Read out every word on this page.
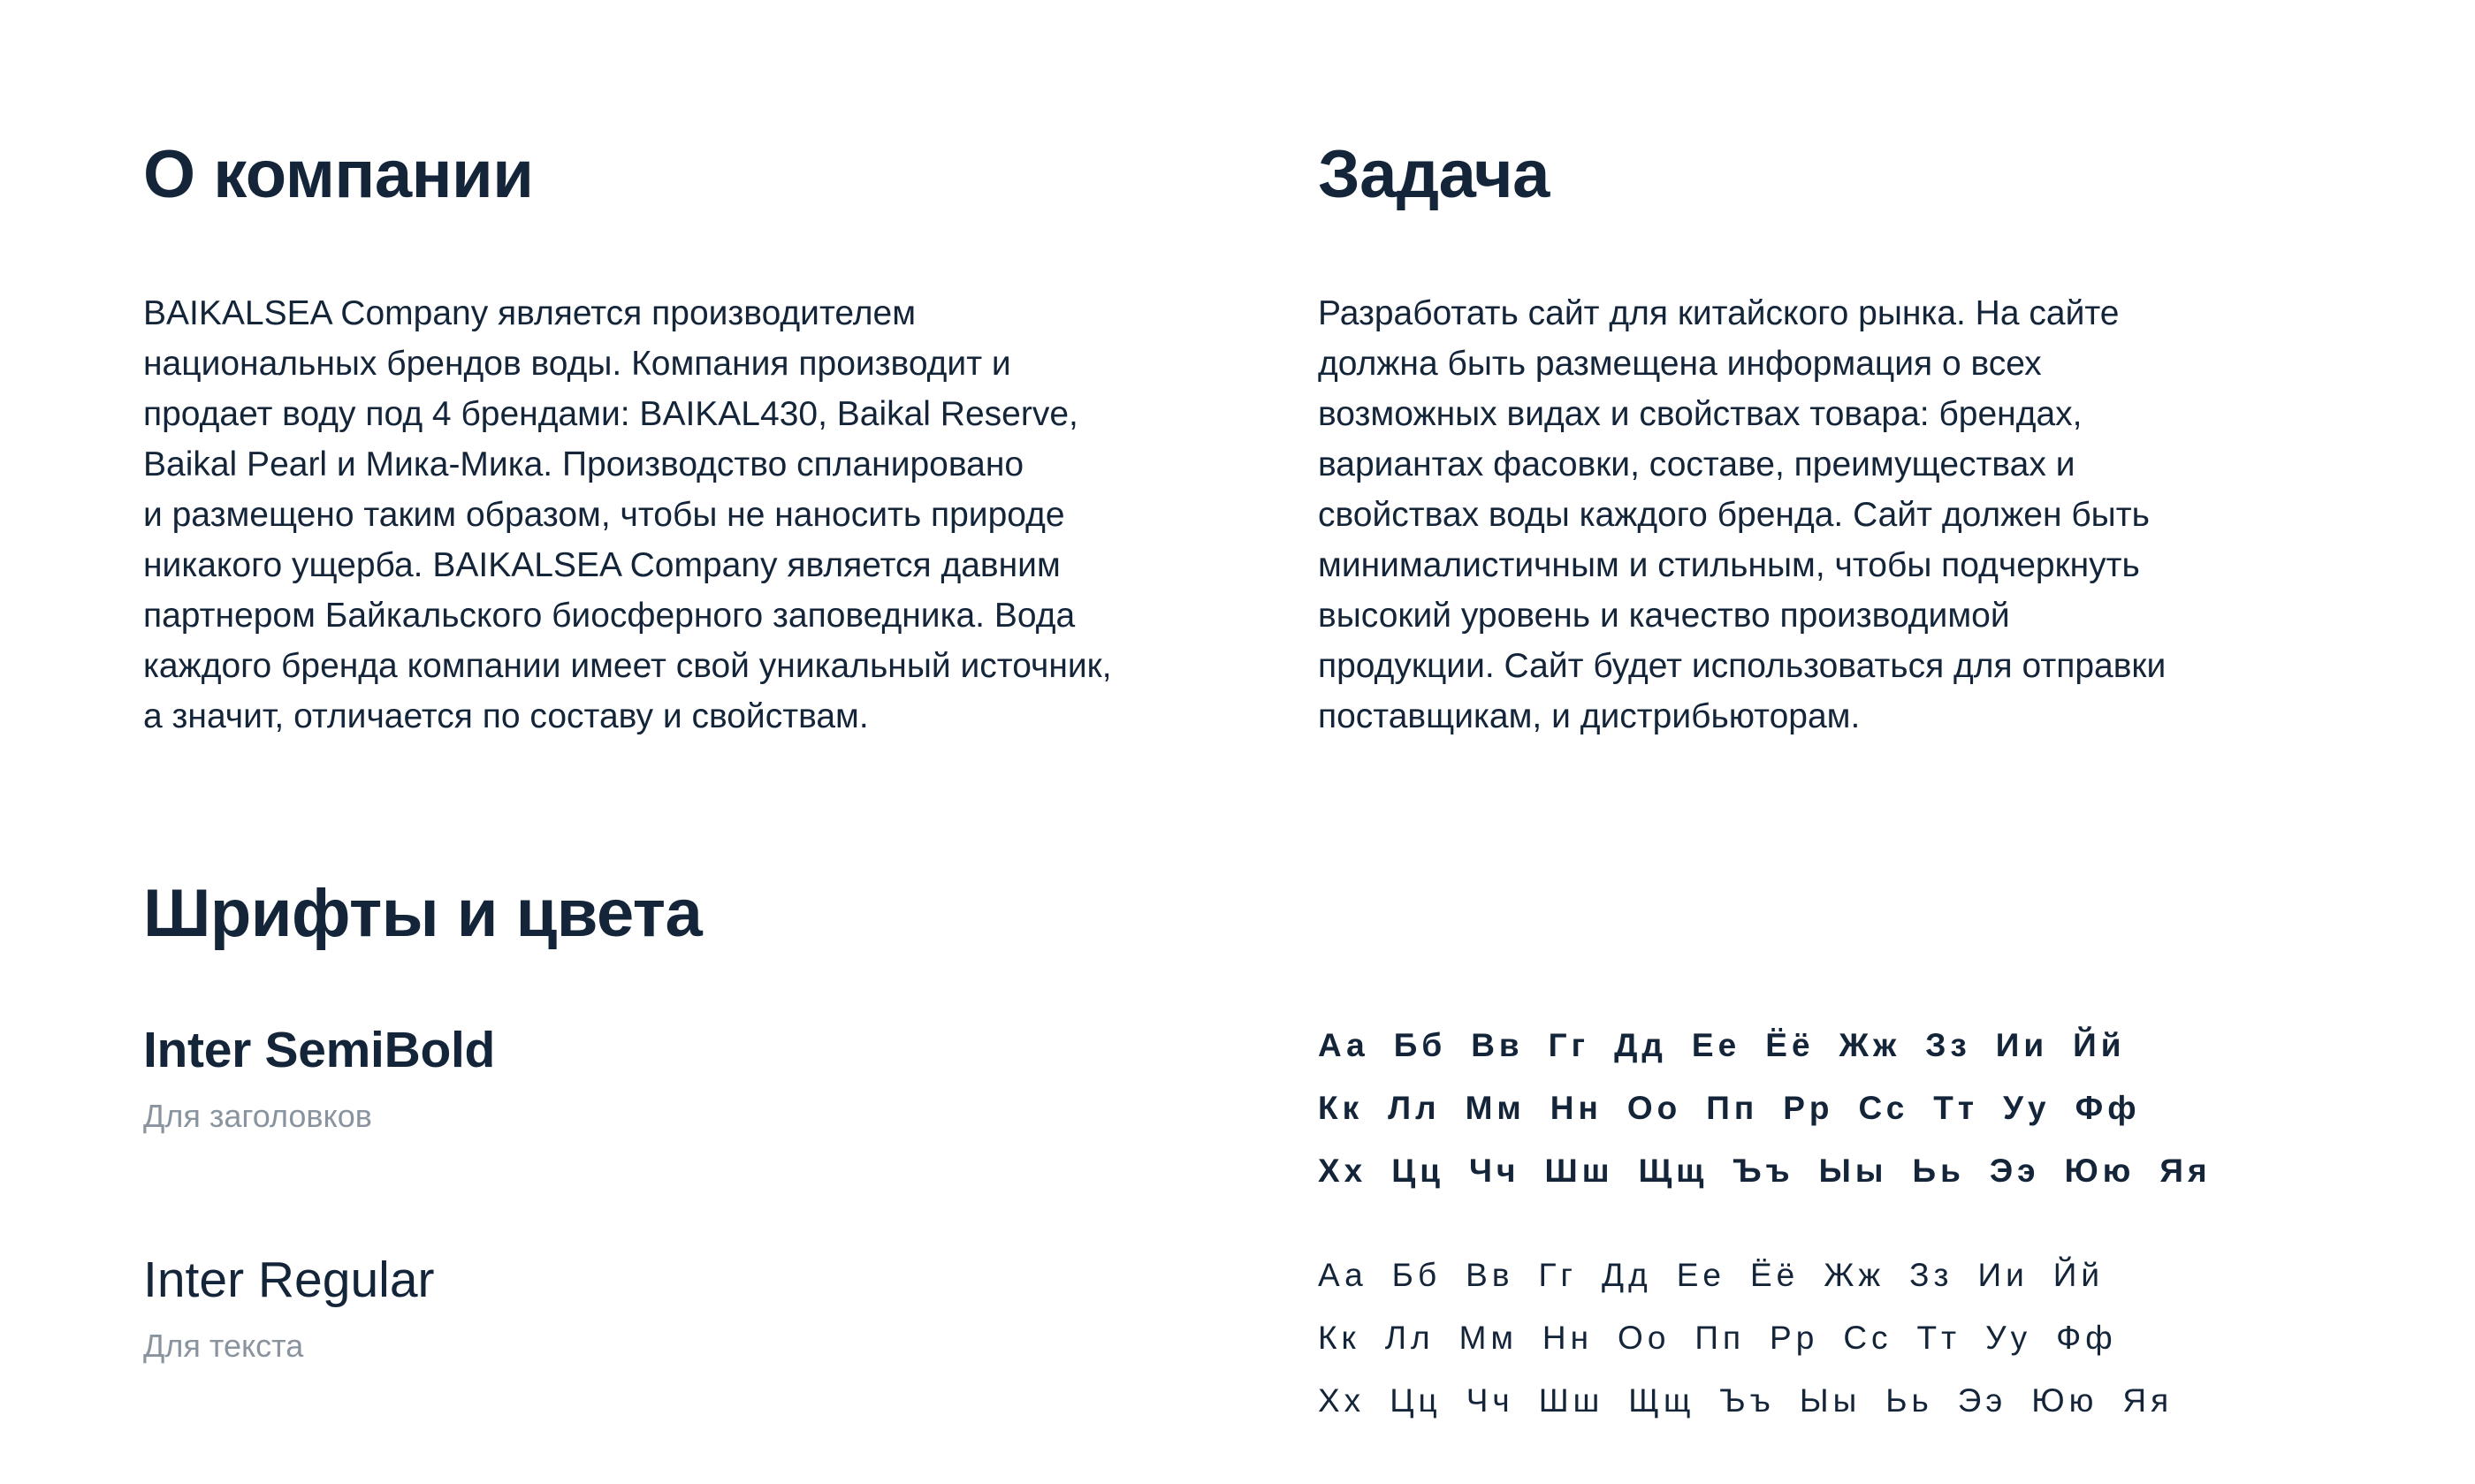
О компании

BAIKALSEA Company является производителем
национальных брендов воды. Компания производит и
продает воду под 4 брендами: BAIKAL430, Baikal Reserve,
Baikal Pearl и Мика-Мика. Производство спланировано
и размещено таким образом, чтобы не наносить природе
никакого ущерба. BAIKALSEA Company является давним
партнером Байкальского биосферного заповедника. Вода
каждого бренда компании имеет свой уникальный источник,
а значит, отличается по составу и свойствам.

Задача

Разработать сайт для китайского рынка. На сайте
должна быть размещена информация о всех
возможных видах и свойствах товара: брендах,
вариантах фасовки, составе, преимуществах и
свойствах воды каждого бренда. Сайт должен быть
минималистичным и стильным, чтобы подчеркнуть
высокий уровень и качество производимой
продукции. Сайт будет использоваться для отправки
поставщикам, и дистрибьюторам.

Шрифты и цвета

Inter SemiBold

Для заголовков

Inter Regular

Для текста

Аа Бб Вв Гг Дд Ее Ёё Жж Зз Ии Йй
Кк Лл Мм Нн Оо Пп Рр Сс Тт Уу Фф
Хх Цц Чч Шш Щщ Ъъ Ыы Ьь Ээ Юю Яя
Аа Бб Вв Гг Дд Ее Ёё Жж Зз Ии Йй
Кк Лл Мм Нн Оо Пп Рр Сс Тт Уу Фф
Хх Цц Чч Шш Щщ Ъъ Ыы Ьь Ээ Юю Яя
